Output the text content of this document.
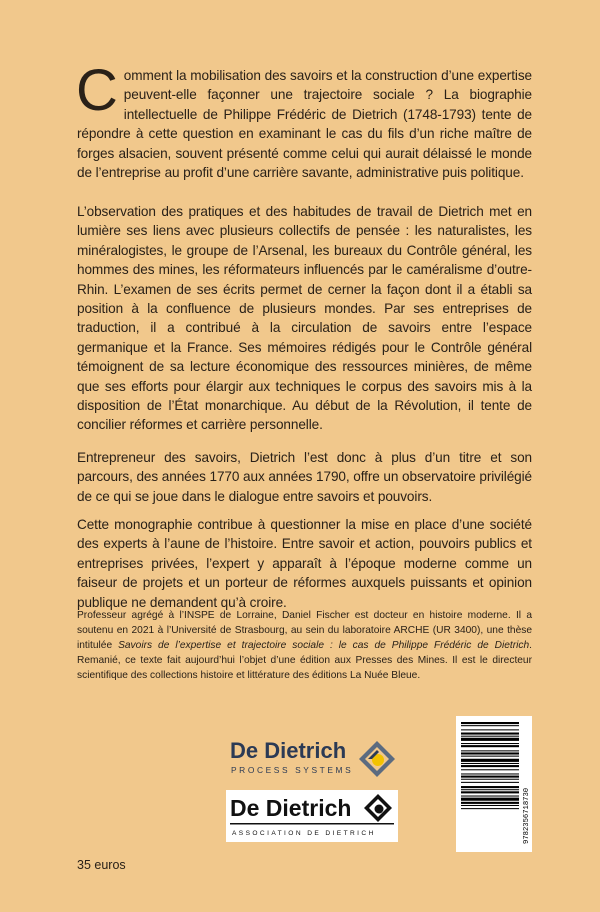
Comment la mobilisation des savoirs et la construction d’une expertise peuvent-elle façonner une trajectoire sociale ? La biographie intellectuelle de Philippe Frédéric de Dietrich (1748-1793) tente de répondre à cette question en examinant le cas du fils d’un riche maître de forges alsacien, souvent présenté comme celui qui aurait délaissé le monde de l’entreprise au profit d’une carrière savante, administrative puis politique.
L’observation des pratiques et des habitudes de travail de Dietrich met en lumière ses liens avec plusieurs collectifs de pensée : les naturalistes, les minéralogistes, le groupe de l’Arsenal, les bureaux du Contrôle général, les hommes des mines, les réformateurs influencés par le caméralisme d’outre-Rhin. L’examen de ses écrits permet de cerner la façon dont il a établi sa position à la confluence de plusieurs mondes. Par ses entreprises de traduction, il a contribué à la circulation de savoirs entre l’espace germanique et la France. Ses mémoires rédigés pour le Contrôle général témoignent de sa lecture économique des ressources minières, de même que ses efforts pour élargir aux techniques le corpus des savoirs mis à la disposition de l’État monarchique. Au début de la Révolution, il tente de concilier réformes et carrière personnelle.
Entrepreneur des savoirs, Dietrich l’est donc à plus d’un titre et son parcours, des années 1770 aux années 1790, offre un observatoire privilégié de ce qui se joue dans le dialogue entre savoirs et pouvoirs.
Cette monographie contribue à questionner la mise en place d’une société des experts à l’aune de l’histoire. Entre savoir et action, pouvoirs publics et entreprises privées, l’expert y apparaît à l’époque moderne comme un faiseur de projets et un porteur de réformes auxquels puissants et opinion publique ne demandent qu’à croire.
Professeur agrégé à l’INSPE de Lorraine, Daniel Fischer est docteur en histoire moderne. Il a soutenu en 2021 à l’Université de Strasbourg, au sein du laboratoire ARCHE (UR 3400), une thèse intitulée Savoirs de l’expertise et trajectoire sociale : le cas de Philippe Frédéric de Dietrich. Remanié, ce texte fait aujourd’hui l’objet d’une édition aux Presses des Mines. Il est le directeur scientifique des collections histoire et littérature des éditions La Nuée Bleue.
De Dietrich
PROCESS SYSTEMS
De Dietrich
ASSOCIATION DE DIETRICH
35 euros
9782356718730
